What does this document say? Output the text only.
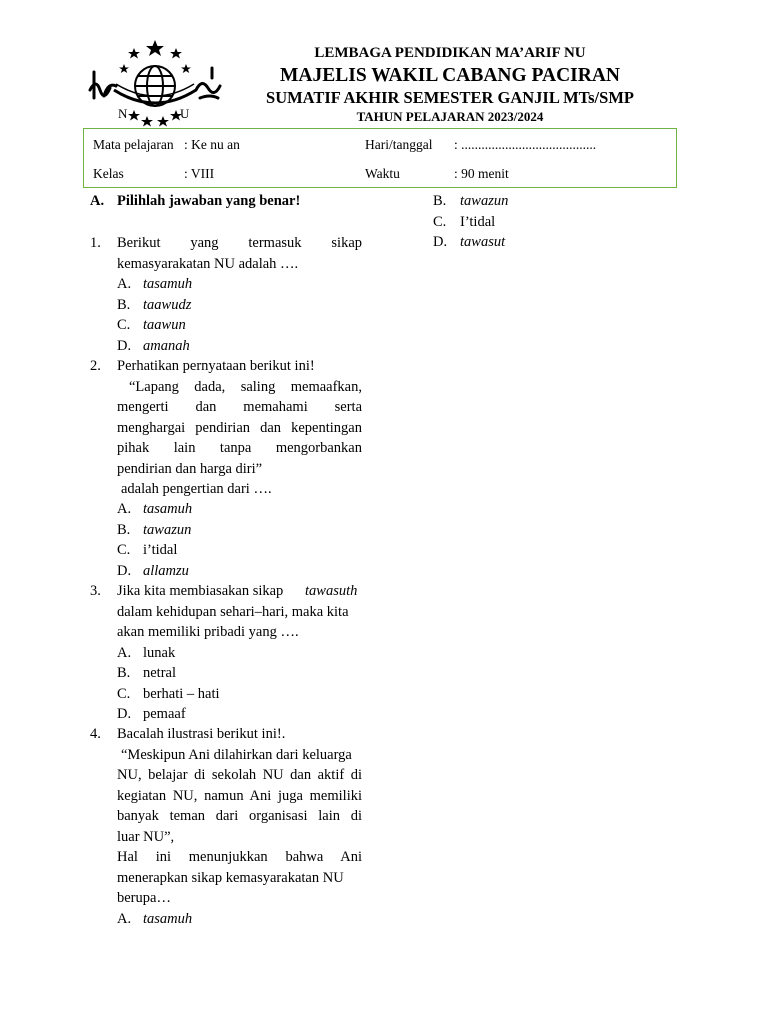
N	U
LEMBAGA PENDIDIKAN MA’ARIF NU
MAJELIS WAKIL CABANG PACIRAN
SUMATIF AKHIR SEMESTER GANJIL MTs/SMP
TAHUN PELAJARAN 2023/2024
Mata pelajaran : Ke nu an	Hari/tanggal : ........................................
Kelas	: VIII	Waktu	: 90 menit
A. Pilihlah jawaban yang benar!
1. Berikut yang termasuk sikap
kemasyarakatan NU adalah ….
A. tasamuh
B. taawudz
C. taawun
D. amanah
2. Perhatikan pernyataan berikut ini!
“Lapang dada, saling memaafkan,
mengerti dan memahami serta
menghargai pendirian dan kepentingan
pihak lain tanpa mengorbankan
pendirian dan harga diri”
adalah pengertian dari ….
A. tasamuh
B. tawazun
C. i’tidal
D. allamzu
3. Jika kita membiasakan sikap tawasuth
dalam kehidupan sehari–hari, maka kita
akan memiliki pribadi yang ….
A. lunak
B. netral
C. berhati – hati
D. pemaaf
4. Bacalah ilustrasi berikut ini!.
“Meskipun Ani dilahirkan dari keluarga
NU, belajar di sekolah NU dan aktif di
kegiatan NU, namun Ani juga memiliki
banyak teman dari organisasi lain di
luar NU”,
Hal ini menunjukkan bahwa Ani
menerapkan sikap kemasyarakatan NU
berupa…
A. tasamuh
B. tawazun
C. I’tidal
D. tawasut
